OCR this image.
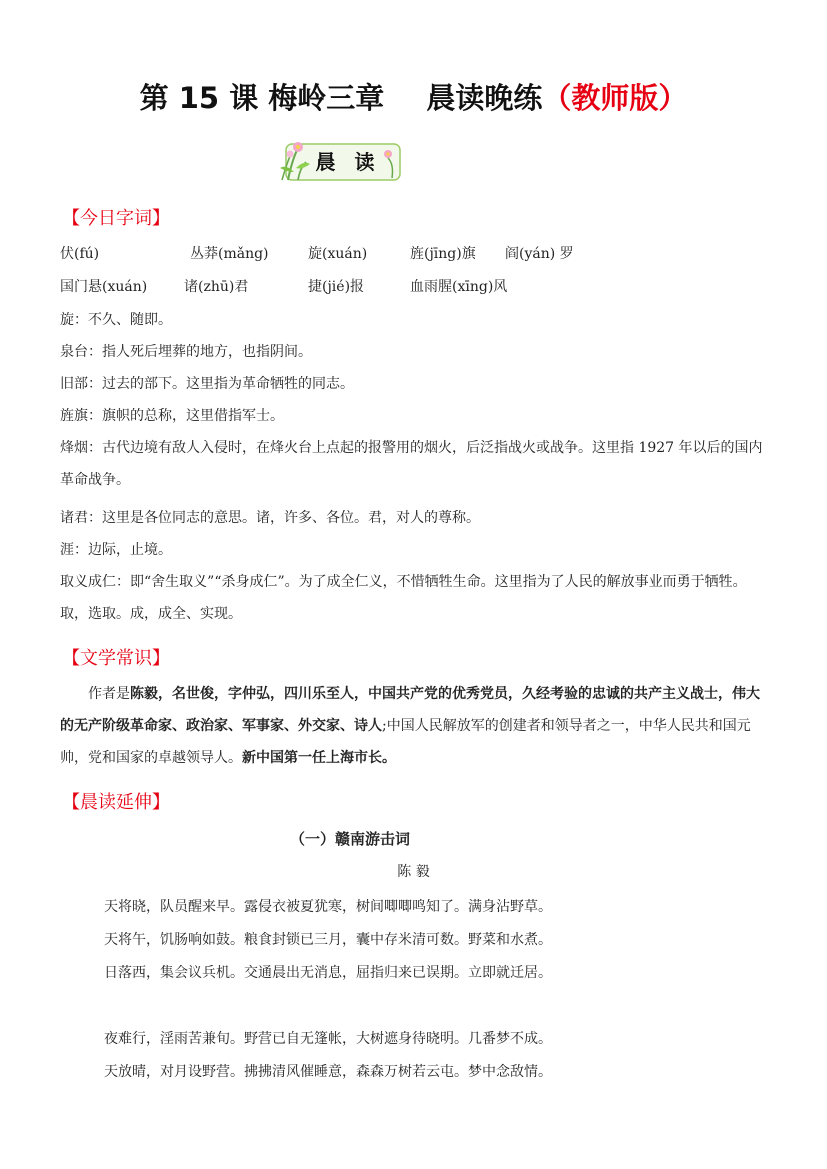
第 15 课 梅岭三章 晨读晚练（教师版）
晨 读
【今日字词】
伏(fú)	丛莽(mǎng)	旋(xuán)	旌(jīng)旗 阎(yán) 罗
国门悬(xuán)	诸(zhū)君	捷(jié)报	血雨腥(xīng)风
旋：不久、随即。
泉台：指人死后埋葬的地方，也指阴间。
旧部：过去的部下。这里指为革命牺牲的同志。
旌旗：旗帜的总称，这里借指军士。
烽烟：古代边境有敌人入侵时，在烽火台上点起的报警用的烟火，后泛指战火或战争。这里指 1927 年以后的国内革命战争。
诸君：这里是各位同志的意思。诸，许多、各位。君，对人的尊称。
涯：边际，止境。
取义成仁：即“舍生取义”“杀身成仁”。为了成全仁义，不惜牺牲生命。这里指为了人民的解放事业而勇于牺牲。取，选取。成，成全、实现。
【文学常识】
作者是陈毅，名世俊，字仲弘，四川乐至人，中国共产党的优秀党员，久经考验的忠诚的共产主义战士，伟大的无产阶级革命家、政治家、军事家、外交家、诗人;中国人民解放军的创建者和领导者之一，中华人民共和国元帅，党和国家的卓越领导人。新中国第一任上海市长。
【晨读延伸】
（一）赣南游击词
陈 毅
天将晓，队员醒来早。露侵衣被夏犹寒，树间唧唧鸣知了。满身沾野草。
天将午，饥肠响如鼓。粮食封锁已三月，囊中存米清可数。野菜和水煮。
日落西，集会议兵机。交通晨出无消息，屈指归来已误期。立即就迁居。
夜难行，淫雨苦兼旬。野营已自无篷帐，大树遮身待晓明。几番梦不成。
天放晴，对月设野营。拂拂清风催睡意，森森万树若云屯。梦中念敌情。
